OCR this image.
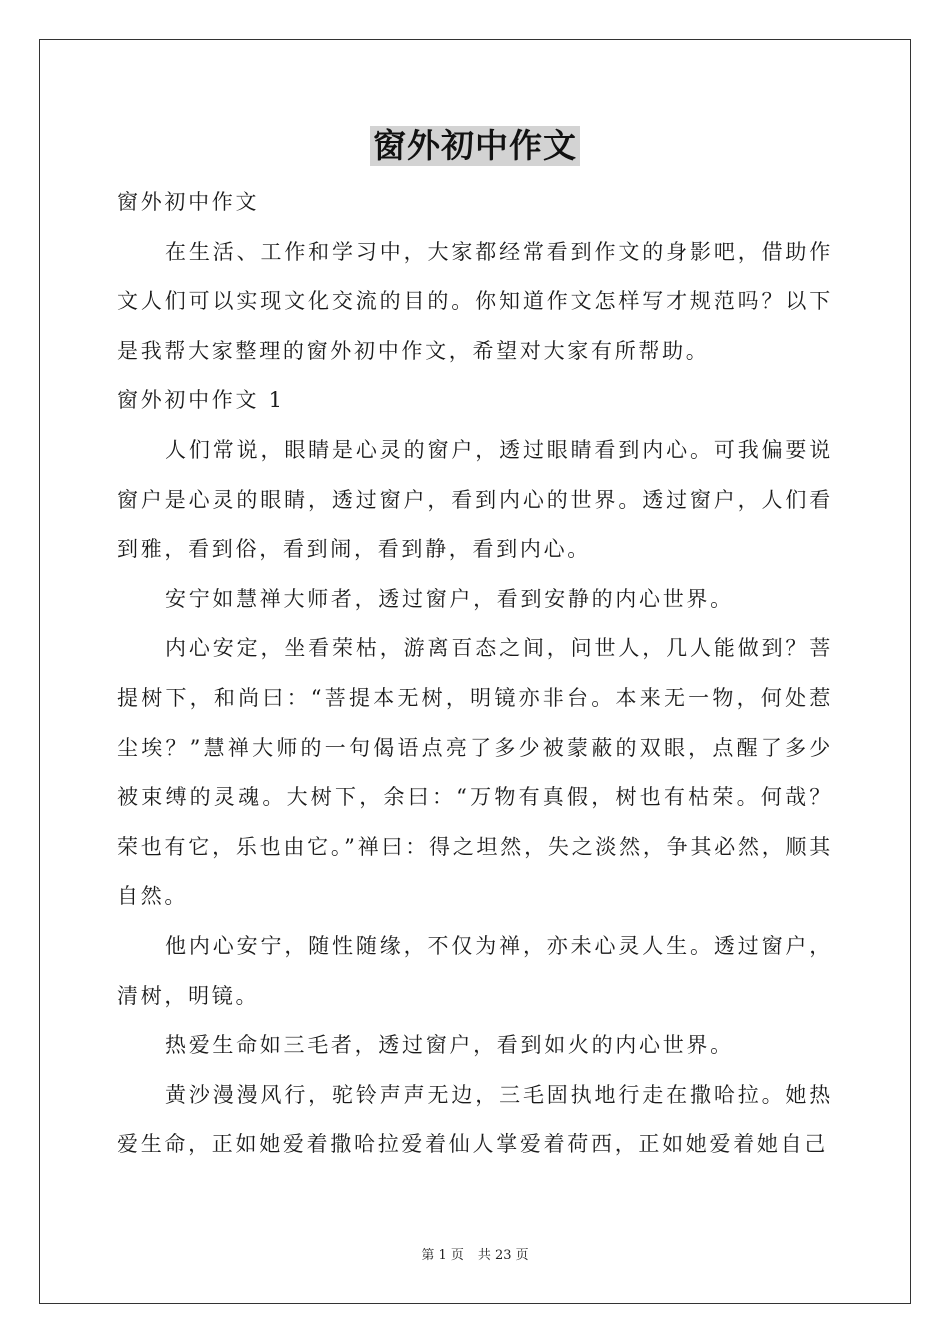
窗外初中作文

窗外初中作文

在生活、工作和学习中，大家都经常看到作文的身影吧，借助作文人们可以实现文化交流的目的。你知道作文怎样写才规范吗？以下是我帮大家整理的窗外初中作文，希望对大家有所帮助。

窗外初中作文 1

人们常说，眼睛是心灵的窗户，透过眼睛看到内心。可我偏要说窗户是心灵的眼睛，透过窗户，看到内心的世界。透过窗户，人们看到雅，看到俗，看到闹，看到静，看到内心。

安宁如慧禅大师者，透过窗户，看到安静的内心世界。

内心安定，坐看荣枯，游离百态之间，问世人，几人能做到？菩提树下，和尚曰：“菩提本无树，明镜亦非台。本来无一物，何处惹尘埃？”慧禅大师的一句偈语点亮了多少被蒙蔽的双眼，点醒了多少被束缚的灵魂。大树下，余曰：“万物有真假，树也有枯荣。何哉？荣也有它，乐也由它。”禅曰：得之坦然，失之淡然，争其必然，顺其自然。

他内心安宁，随性随缘，不仅为禅，亦未心灵人生。透过窗户，清树，明镜。

热爱生命如三毛者，透过窗户，看到如火的内心世界。

黄沙漫漫风行，驼铃声声无边，三毛固执地行走在撒哈拉。她热爱生命，正如她爱着撒哈拉爱着仙人掌爱着荷西，正如她爱着她自己

第 1 页 共 23 页
